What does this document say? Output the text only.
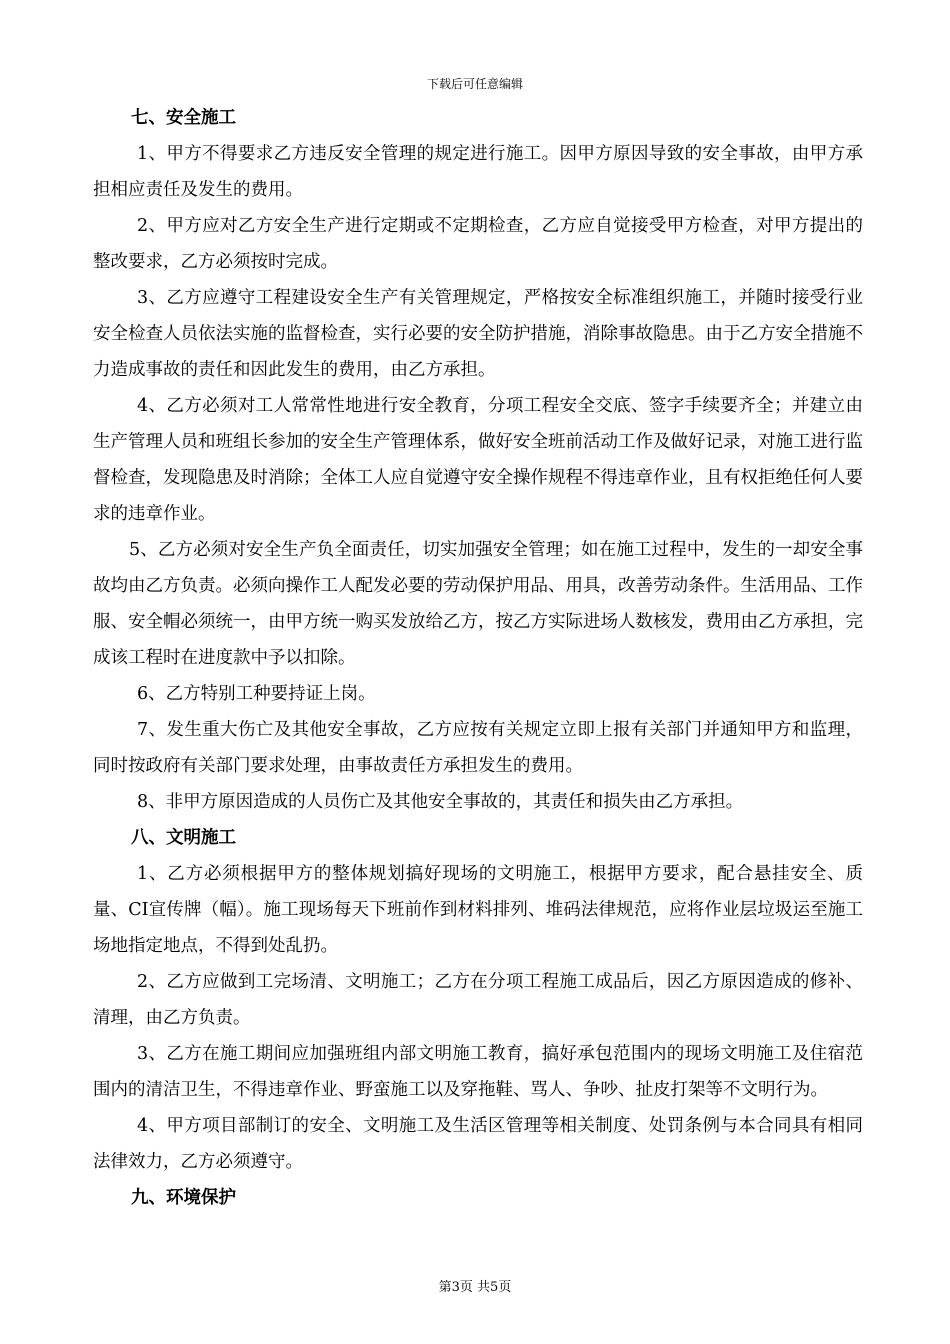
下载后可任意编辑

七、安全施工

1、甲方不得要求乙方违反安全管理的规定进行施工。因甲方原因导致的安全事故，由甲方承担相应责任及发生的费用。

2、甲方应对乙方安全生产进行定期或不定期检查，乙方应自觉接受甲方检查，对甲方提出的整改要求，乙方必须按时完成。

3、乙方应遵守工程建设安全生产有关管理规定，严格按安全标准组织施工，并随时接受行业安全检查人员依法实施的监督检查，实行必要的安全防护措施，消除事故隐患。由于乙方安全措施不力造成事故的责任和因此发生的费用，由乙方承担。

4、乙方必须对工人常常性地进行安全教育，分项工程安全交底、签字手续要齐全；并建立由生产管理人员和班组长参加的安全生产管理体系，做好安全班前活动工作及做好记录，对施工进行监督检查，发现隐患及时消除；全体工人应自觉遵守安全操作规程不得违章作业，且有权拒绝任何人要求的违章作业。

5、乙方必须对安全生产负全面责任，切实加强安全管理；如在施工过程中，发生的一却安全事故均由乙方负责。必须向操作工人配发必要的劳动保护用品、用具，改善劳动条件。生活用品、工作服、安全帽必须统一，由甲方统一购买发放给乙方，按乙方实际进场人数核发，费用由乙方承担，完成该工程时在进度款中予以扣除。

6、乙方特别工种要持证上岗。

7、发生重大伤亡及其他安全事故，乙方应按有关规定立即上报有关部门并通知甲方和监理，同时按政府有关部门要求处理，由事故责任方承担发生的费用。

8、非甲方原因造成的人员伤亡及其他安全事故的，其责任和损失由乙方承担。

八、文明施工

1、乙方必须根据甲方的整体规划搞好现场的文明施工，根据甲方要求，配合悬挂安全、质量、CI宣传牌（幅）。施工现场每天下班前作到材料排列、堆码法律规范，应将作业层垃圾运至施工场地指定地点，不得到处乱扔。

2、乙方应做到工完场清、文明施工；乙方在分项工程施工成品后，因乙方原因造成的修补、清理，由乙方负责。

3、乙方在施工期间应加强班组内部文明施工教育，搞好承包范围内的现场文明施工及住宿范围内的清洁卫生，不得违章作业、野蛮施工以及穿拖鞋、骂人、争吵、扯皮打架等不文明行为。

4、甲方项目部制订的安全、文明施工及生活区管理等相关制度、处罚条例与本合同具有相同法律效力，乙方必须遵守。

九、环境保护

第3页 共5页
